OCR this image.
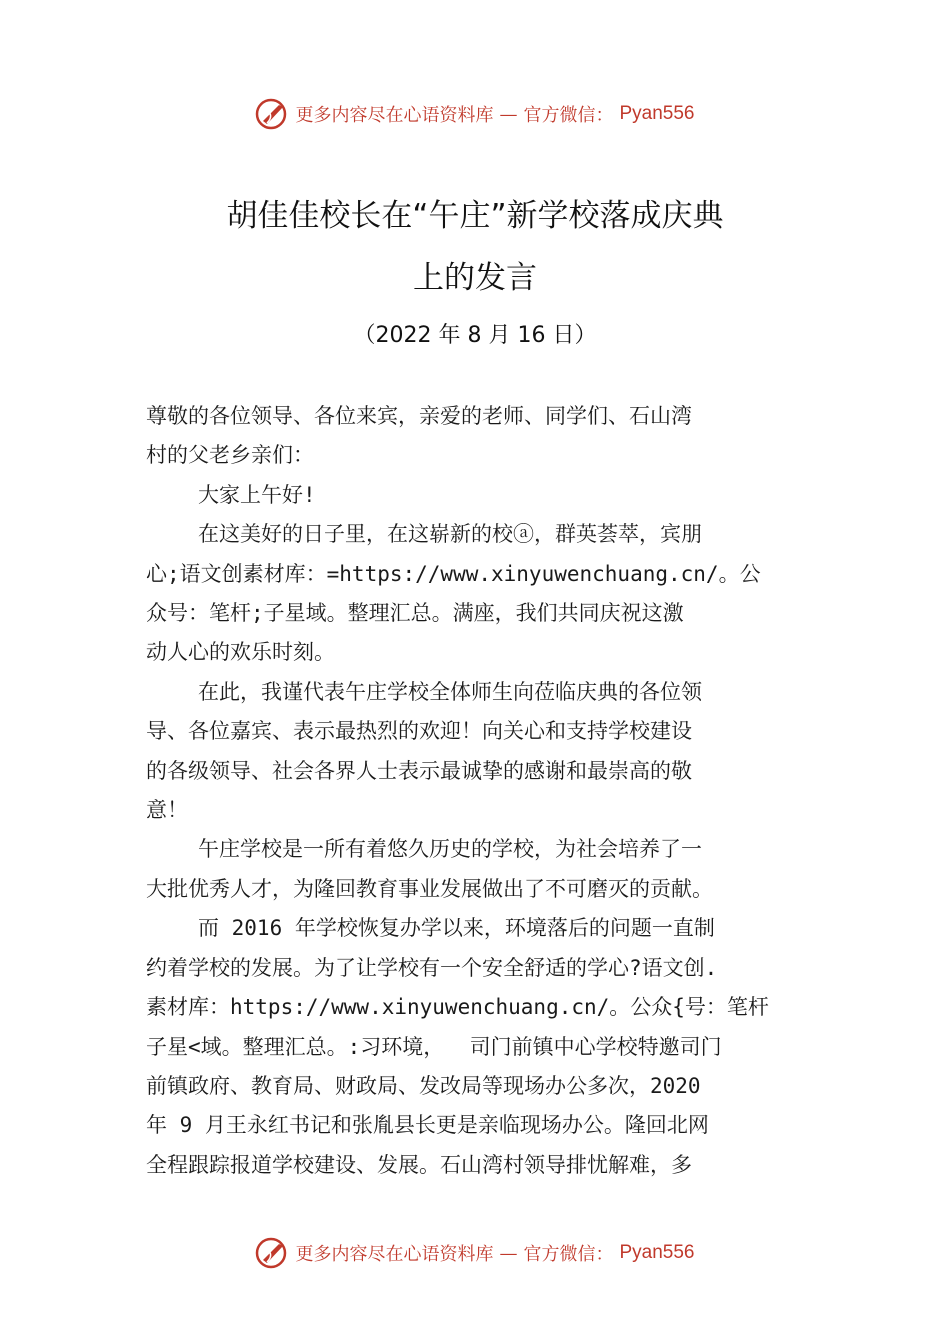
更多内容尽在心语资料库 — 官方微信： Pyan556
胡佳佳校长在“午庄”新学校落成庆典
上的发言
（2022 年 8 月 16 日）

尊敬的各位领导、各位来宾，亲爱的老师、同学们、石山湾

村的父老乡亲们：

大家上午好!

在这美好的日子里，在这崭新的校ⓐ，群英荟萃，宾朋

心;语文创素材库：=https://www.xinyuwenchuang.cn/。公

众号：笔杆;子星域。整理汇总。满座，我们共同庆祝这激

动人心的欢乐时刻。

在此，我谨代表午庄学校全体师生向莅临庆典的各位领

导、各位嘉宾、表示最热烈的欢迎！向关心和支持学校建设

的各级领导、社会各界人士表示最诚挚的感谢和最崇高的敬

意！

午庄学校是一所有着悠久历史的学校，为社会培养了一

大批优秀人才，为隆回教育事业发展做出了不可磨灭的贡献。

而 2016 年学校恢复办学以来，环境落后的问题一直制

约着学校的发展。为了让学校有一个安全舒适的学心?语文创.

素材库：https://www.xinyuwenchuang.cn/。公众{号：笔杆

子星<域。整理汇总。:习环境，  司门前镇中心学校特邀司门

前镇政府、教育局、财政局、发改局等现场办公多次，2020

年 9 月王永红书记和张胤县长更是亲临现场办公。隆回北网

全程跟踪报道学校建设、发展。石山湾村领导排忧解难，多

更多内容尽在心语资料库 — 官方微信： Pyan556
